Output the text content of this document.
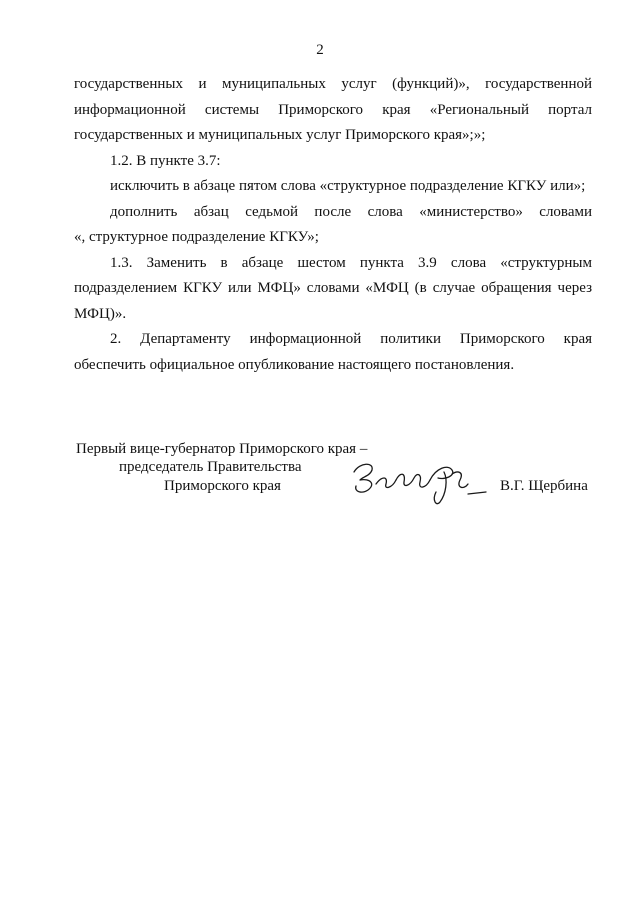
2

государственных и муниципальных услуг (функций)», государственной

информационной системы Приморского края «Региональный портал

государственных и муниципальных услуг Приморского края»;»;

1.2. В пункте 3.7:

исключить в абзаце пятом слова «структурное подразделение КГКУ или»;

дополнить абзац седьмой после слова «министерство» словами

«, структурное подразделение КГКУ»;

1.3. Заменить в абзаце шестом пункта 3.9 слова «структурным

подразделением КГКУ или МФЦ» словами «МФЦ (в случае обращения через

МФЦ)».

2. Департаменту информационной политики Приморского края

обеспечить официальное опубликование настоящего постановления.

Первый вице-губернатор Приморского края –
председатель Правительства
Приморского края	В.Г. Щербина
